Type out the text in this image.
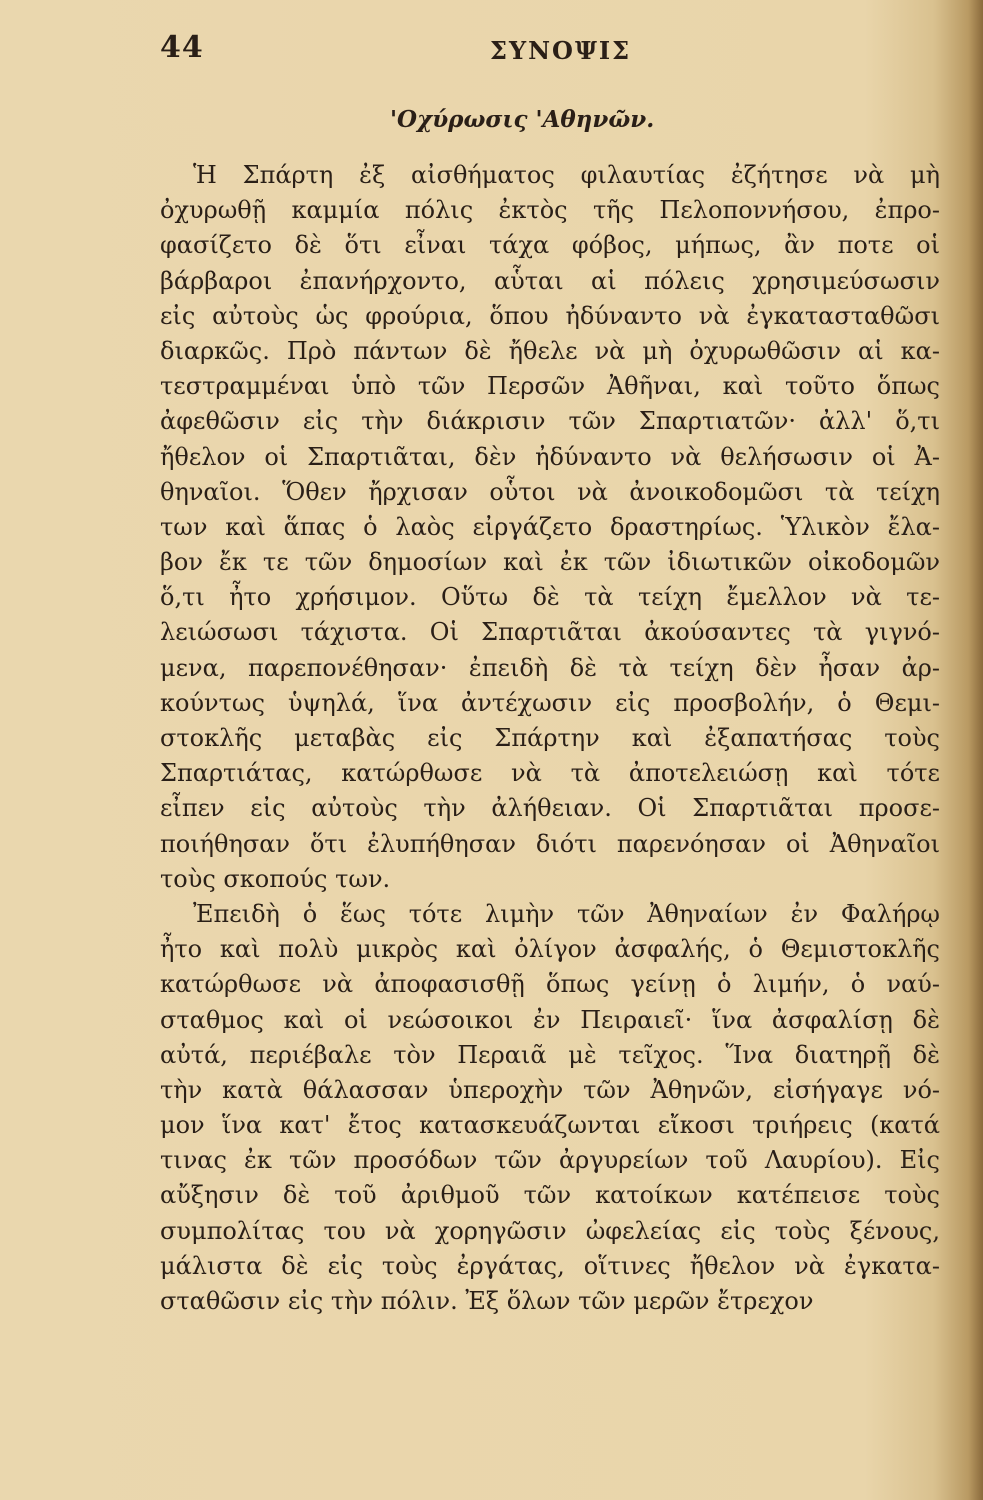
44	ΣΥΝΟΨΙΣ
'Οχύρωσις 'Αθηνῶν.
Ἡ Σπάρτη ἐξ αἰσθήματος φιλαυτίας ἐζήτησε νὰ μὴ
ὀχυρωθῇ καμμία πόλις ἐκτὸς τῆς Πελοποννήσου, ἐπρο-
φασίζετο δὲ ὅτι εἶναι τάχα φόβος, μήπως, ἂν ποτε οἱ
βάρβαροι ἐπανήρχοντο, αὗται αἱ πόλεις χρησιμεύσωσιν
εἰς αὐτοὺς ὡς φρούρια, ὅπου ἠδύναντο νὰ ἐγκατασταθῶσι
διαρκῶς. Πρὸ πάντων δὲ ἤθελε νὰ μὴ ὀχυρωθῶσιν αἱ κα-
τεστραμμέναι ὑπὸ τῶν Περσῶν Ἀθῆναι, καὶ τοῦτο ὅπως
ἀφεθῶσιν εἰς τὴν διάκρισιν τῶν Σπαρτιατῶν· ἀλλ' ὅ,τι
ἤθελον οἱ Σπαρτιᾶται, δὲν ἠδύναντο νὰ θελήσωσιν οἱ Ἀ-
θηναῖοι. Ὅθεν ἤρχισαν οὗτοι νὰ ἀνοικοδομῶσι τὰ τείχη
των καὶ ἅπας ὁ λαὸς εἰργάζετο δραστηρίως. Ὑλικὸν ἔλα-
βον ἔκ τε τῶν δημοσίων καὶ ἐκ τῶν ἰδιωτικῶν οἰκοδομῶν
ὅ,τι ἦτο χρήσιμον. Οὕτω δὲ τὰ τείχη ἔμελλον νὰ τε-
λειώσωσι τάχιστα. Οἱ Σπαρτιᾶται ἀκούσαντες τὰ γιγνό-
μενα, παρεπονέθησαν· ἐπειδὴ δὲ τὰ τείχη δὲν ἦσαν ἀρ-
κούντως ὑψηλά, ἵνα ἀντέχωσιν εἰς προσβολήν, ὁ Θεμι-
στοκλῆς μεταβὰς εἰς Σπάρτην καὶ ἐξαπατήσας τοὺς
Σπαρτιάτας, κατώρθωσε νὰ τὰ ἀποτελειώσῃ καὶ τότε
εἶπεν εἰς αὐτοὺς τὴν ἀλήθειαν. Οἱ Σπαρτιᾶται προσε-
ποιήθησαν ὅτι ἐλυπήθησαν διότι παρενόησαν οἱ Ἀθηναῖοι
τοὺς σκοπούς των.
Ἐπειδὴ ὁ ἕως τότε λιμὴν τῶν Ἀθηναίων ἐν Φαλήρῳ
ἦτο καὶ πολὺ μικρὸς καὶ ὀλίγον ἀσφαλής, ὁ Θεμιστοκλῆς
κατώρθωσε νὰ ἀποφασισθῇ ὅπως γείνῃ ὁ λιμήν, ὁ ναύ-
σταθμος καὶ οἱ νεώσοικοι ἐν Πειραιεῖ· ἵνα ἀσφαλίσῃ δὲ
αὐτά, περιέβαλε τὸν Περαιᾶ μὲ τεῖχος. Ἵνα διατηρῇ δὲ
τὴν κατὰ θάλασσαν ὑπεροχὴν τῶν Ἀθηνῶν, εἰσήγαγε νό-
μον ἵνα κατ' ἔτος κατασκευάζωνται εἴκοσι τριήρεις (κατά
τινας ἐκ τῶν προσόδων τῶν ἀργυρείων τοῦ Λαυρίου). Εἰς
αὔξησιν δὲ τοῦ ἀριθμοῦ τῶν κατοίκων κατέπεισε τοὺς
συμπολίτας του νὰ χορηγῶσιν ὠφελείας εἰς τοὺς ξένους,
μάλιστα δὲ εἰς τοὺς ἐργάτας, οἵτινες ἤθελον νὰ ἐγκατα-
σταθῶσιν εἰς τὴν πόλιν. Ἐξ ὅλων τῶν μερῶν ἔτρεχον
